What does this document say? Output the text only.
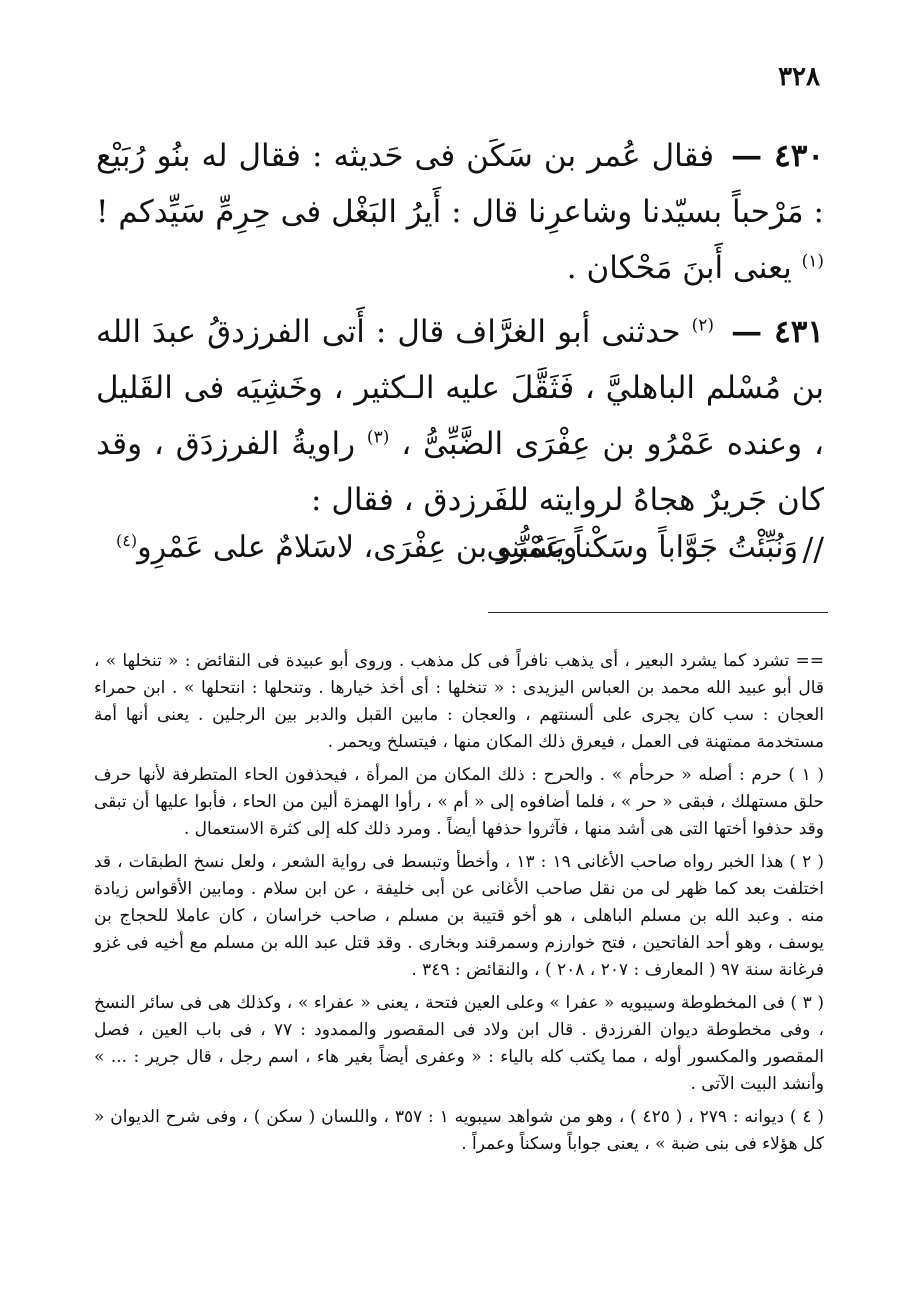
٣٢٨

٤٣٠ — فقال عُمر بن سَكَن فى حَديثه : فقال له بنُو رُبَيْع : مَرْحباً بسيّدنا وشاعرِنا قال : أَيرُ البَغْل فى حِرِمِّ سَيِّدكم ! $^{(١)}$ يعنى أَبنَ مَحْكان .

٤٣١ — $^{(٢)}$ حدثنى أبو الغرَّاف قال : أَتى الفرزدقُ عبدَ الله بن مُسْلم الباهليَّ ، فَثَقَّلَ عليه الـكثير ، وخَشِيَه فى القَليل ، وعنده عَمْرُو بن عِفْرَى الضَّبِّىُّ ، $^{(٣)}$ راويةُ الفرزدَق ، وقد كان جَريرٌ هجاهُ لروايته للفَرزدق ، فقال :

//
وَنُبِّئْتُ جَوَّاباً وسَكْناً يَسُبُّنِى
وعَمْرَو بن عِفْرَى، لاسَلامٌ على عَمْرِو$^{(٤)}$

== تشرد كما يشرد البعير ، أى يذهب نافراً فى كل مذهب . وروى أبو عبيدة فى النقائض : « تنخلها » ، قال أبو عبيد الله محمد بن العباس اليزيدى : « تنخلها : أى أخذ خيارها . وتنحلها : انتحلها » . ابن حمراء العجان : سب كان يجرى على ألسنتهم ، والعجان : مابين القبل والدبر بين الرجلين . يعنى أنها أمة مستخدمة ممتهنة فى العمل ، فيعرق ذلك المكان منها ، فيتسلخ ويحمر .

( ١ ) حرم : أصله « حرحأم » . والحرح : ذلك المكان من المرأة ، فيحذفون الحاء المتطرفة لأنها حرف حلق مستهلك ، فبقى « حر » ، فلما أضافوه إلى « أم » ، رأوا الهمزة ألين من الحاء ، فأبوا عليها أن تبقى وقد حذفوا أختها التى هى أشد منها ، فآثروا حذفها أيضاً . ومرد ذلك كله إلى كثرة الاستعمال .

( ٢ ) هذا الخبر رواه صاحب الأغانى ١٩ : ١٣ ، وأخطأ وتبسط فى رواية الشعر ، ولعل نسخ الطبقات ، قد اختلفت بعد كما ظهر لى من نقل صاحب الأغانى عن أبى خليفة ، عن ابن سلام . ومابين الأقواس زيادة منه . وعبد الله بن مسلم الباهلى ، هو أخو قتيبة بن مسلم ، صاحب خراسان ، كان عاملا للحجاج بن يوسف ، وهو أحد الفاتحين ، فتح خوارزم وسمرقند وبخارى . وقد قتل عبد الله بن مسلم مع أخيه فى غزو فرغانة سنة ٩٧ ( المعارف : ٢٠٧ ، ٢٠٨ ) ، والنقائض : ٣٤٩ .

( ٣ ) فى المخطوطة وسيبويه « عفرا » وعلى العين فتحة ، يعنى « عفراء » ، وكذلك هى فى سائر النسخ ، وفى مخطوطة ديوان الفرزدق . قال ابن ولاد فى المقصور والممدود : ٧٧ ، فى باب العين ، فصل المقصور والمكسور أوله ، مما يكتب كله بالياء : « وعفرى أيضاً بغير هاء ، اسم رجل ، قال جرير : ... » وأنشد البيت الآتى .

( ٤ ) ديوانه : ٢٧٩ ، ( ٤٢٥ ) ، وهو من شواهد سيبويه ١ : ٣٥٧ ، واللسان ( سكن ) ، وفى شرح الديوان « كل هؤلاء فى بنى ضبة » ، يعنى جواباً وسكناً وعمراً .
